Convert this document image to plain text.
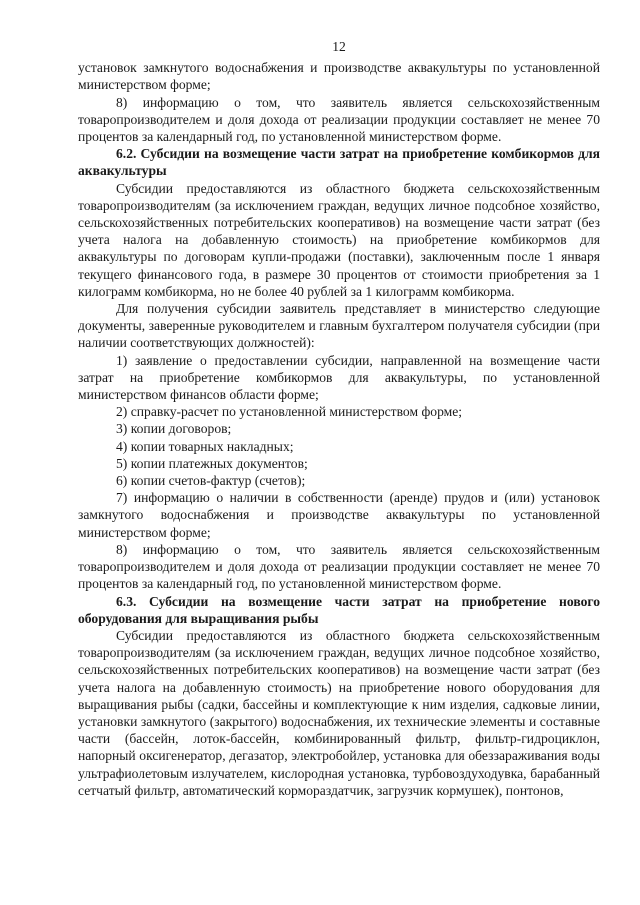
12

установок замкнутого водоснабжения и производстве аквакультуры по установленной министерством форме;

8) информацию о том, что заявитель является сельскохозяйственным товаропроизводителем и доля дохода от реализации продукции составляет не менее 70 процентов за календарный год, по установленной министерством форме.

6.2. Субсидии на возмещение части затрат на приобретение комбикормов для аквакультуры

Субсидии предоставляются из областного бюджета сельскохозяйственным товаропроизводителям (за исключением граждан, ведущих личное подсобное хозяйство, сельскохозяйственных потребительских кооперативов) на возмещение части затрат (без учета налога на добавленную стоимость) на приобретение комбикормов для аквакультуры по договорам купли-продажи (поставки), заключенным после 1 января текущего финансового года, в размере 30 процентов от стоимости приобретения за 1 килограмм комбикорма, но не более 40 рублей за 1 килограмм комбикорма.

Для получения субсидии заявитель представляет в министерство следующие документы, заверенные руководителем и главным бухгалтером получателя субсидии (при наличии соответствующих должностей):

1) заявление о предоставлении субсидии, направленной на возмещение части затрат на приобретение комбикормов для аквакультуры, по установленной министерством финансов области форме;

2) справку-расчет по установленной министерством форме;

3) копии договоров;

4) копии товарных накладных;

5) копии платежных документов;

6) копии счетов-фактур (счетов);

7) информацию о наличии в собственности (аренде) прудов и (или) установок замкнутого водоснабжения и производстве аквакультуры по установленной министерством форме;

8) информацию о том, что заявитель является сельскохозяйственным товаропроизводителем и доля дохода от реализации продукции составляет не менее 70 процентов за календарный год, по установленной министерством форме.

6.3. Субсидии на возмещение части затрат на приобретение нового оборудования для выращивания рыбы

Субсидии предоставляются из областного бюджета сельскохозяйственным товаропроизводителям (за исключением граждан, ведущих личное подсобное хозяйство, сельскохозяйственных потребительских кооперативов) на возмещение части затрат (без учета налога на добавленную стоимость) на приобретение нового оборудования для выращивания рыбы (садки, бассейны и комплектующие к ним изделия, садковые линии, установки замкнутого (закрытого) водоснабжения, их технические элементы и составные части (бассейн, лоток-бассейн, комбинированный фильтр, фильтр-гидроциклон, напорный оксигенератор, дегазатор, электробойлер, установка для обеззараживания воды ультрафиолетовым излучателем, кислородная установка, турбовоздуходувка, барабанный сетчатый фильтр, автоматический кормораздатчик, загрузчик кормушек), понтонов,
